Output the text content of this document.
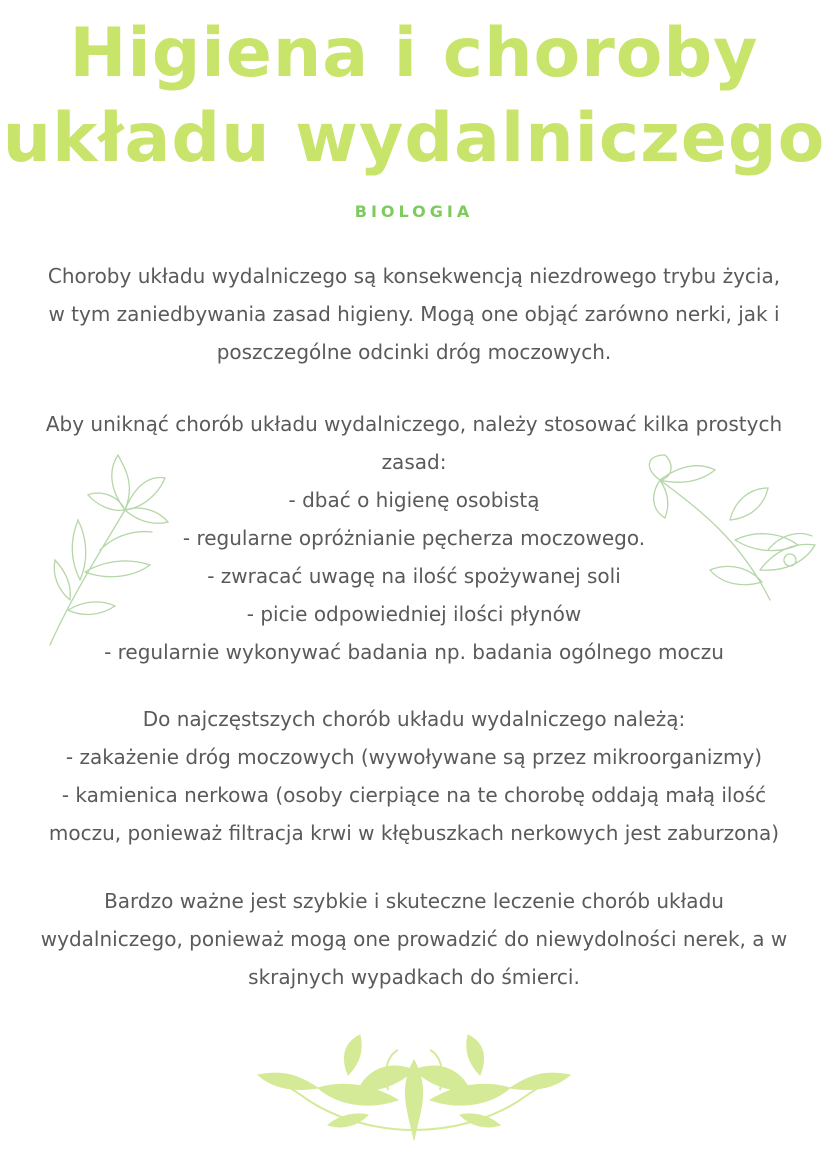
Higiena i choroby
układu wydalniczego
BIOLOGIA
Choroby układu wydalniczego są konsekwencją niezdrowego trybu życia,
w tym zaniedbywania zasad higieny. Mogą one objąć zarówno nerki, jak i
poszczególne odcinki dróg moczowych.
Aby uniknąć chorób układu wydalniczego, należy stosować kilka prostych
zasad:
- dbać o higienę osobistą
- regularne opróżnianie pęcherza moczowego.
- zwracać uwagę na ilość spożywanej soli
- picie odpowiedniej ilości płynów
- regularnie wykonywać badania np. badania ogólnego moczu
Do najczęstszych chorób układu wydalniczego należą:
- zakażenie dróg moczowych (wywoływane są przez mikroorganizmy)
- kamienica nerkowa (osoby cierpiące na te chorobę oddają małą ilość
moczu, ponieważ filtracja krwi w kłębuszkach nerkowych jest zaburzona)
Bardzo ważne jest szybkie i skuteczne leczenie chorób układu
wydalniczego, ponieważ mogą one prowadzić do niewydolności nerek, a w
skrajnych wypadkach do śmierci.
